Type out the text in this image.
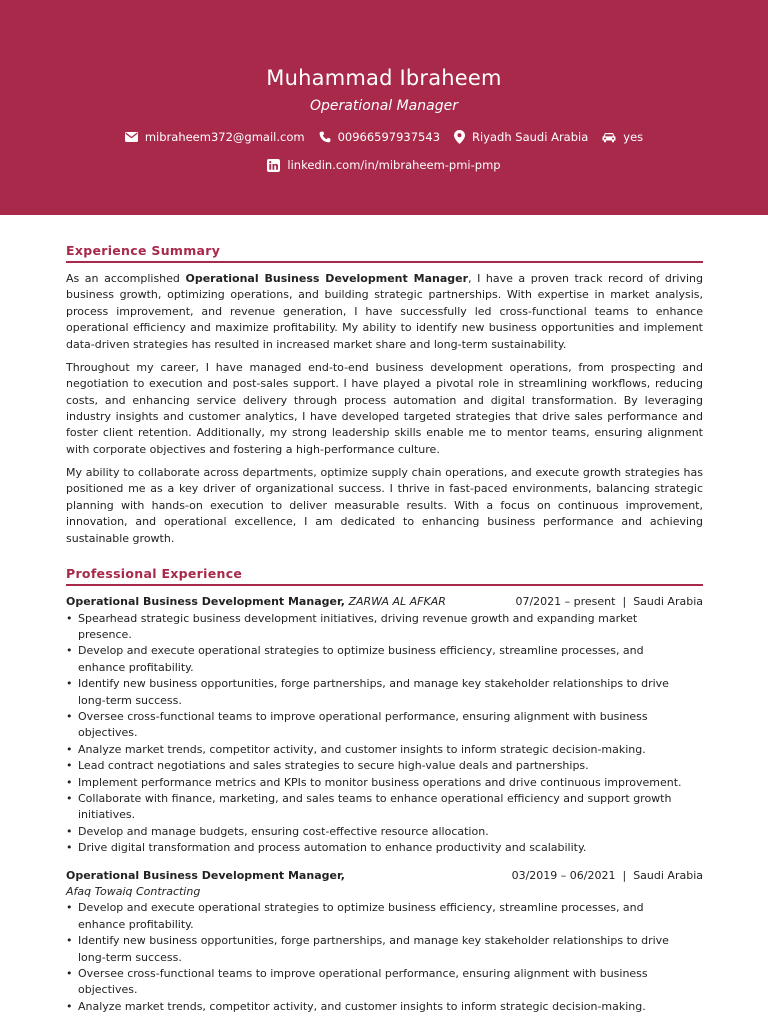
Muhammad Ibraheem
Operational Manager
mibraheem372@gmail.com	00966597937543	Riyadh Saudi Arabia	yes
linkedin.com/in/mibraheem-pmi-pmp
Experience Summary

As an accomplished Operational Business Development Manager, I have a proven track record of driving business growth, optimizing operations, and building strategic partnerships. With expertise in market analysis, process improvement, and revenue generation, I have successfully led cross-functional teams to enhance operational efficiency and maximize profitability. My ability to identify new business opportunities and implement data-driven strategies has resulted in increased market share and long-term sustainability.

Throughout my career, I have managed end-to-end business development operations, from prospecting and negotiation to execution and post-sales support. I have played a pivotal role in streamlining workflows, reducing costs, and enhancing service delivery through process automation and digital transformation. By leveraging industry insights and customer analytics, I have developed targeted strategies that drive sales performance and foster client retention. Additionally, my strong leadership skills enable me to mentor teams, ensuring alignment with corporate objectives and fostering a high-performance culture.

My ability to collaborate across departments, optimize supply chain operations, and execute growth strategies has positioned me as a key driver of organizational success. I thrive in fast-paced environments, balancing strategic planning with hands-on execution to deliver measurable results. With a focus on continuous improvement, innovation, and operational excellence, I am dedicated to enhancing business performance and achieving sustainable growth.

Professional Experience
Operational Business Development Manager, ZARWA AL AFKAR	07/2021 – present | Saudi Arabia
• Spearhead strategic business development initiatives, driving revenue growth and expanding market presence.
• Develop and execute operational strategies to optimize business efficiency, streamline processes, and enhance profitability.
• Identify new business opportunities, forge partnerships, and manage key stakeholder relationships to drive long-term success.
• Oversee cross-functional teams to improve operational performance, ensuring alignment with business objectives.
• Analyze market trends, competitor activity, and customer insights to inform strategic decision-making.
• Lead contract negotiations and sales strategies to secure high-value deals and partnerships.
• Implement performance metrics and KPIs to monitor business operations and drive continuous improvement.
• Collaborate with finance, marketing, and sales teams to enhance operational efficiency and support growth initiatives.
• Develop and manage budgets, ensuring cost-effective resource allocation.
• Drive digital transformation and process automation to enhance productivity and scalability.
Operational Business Development Manager,	03/2019 – 06/2021 | Saudi Arabia
Afaq Towaiq Contracting
• Develop and execute operational strategies to optimize business efficiency, streamline processes, and enhance profitability.
• Identify new business opportunities, forge partnerships, and manage key stakeholder relationships to drive long-term success.
• Oversee cross-functional teams to improve operational performance, ensuring alignment with business objectives.
• Analyze market trends, competitor activity, and customer insights to inform strategic decision-making.
